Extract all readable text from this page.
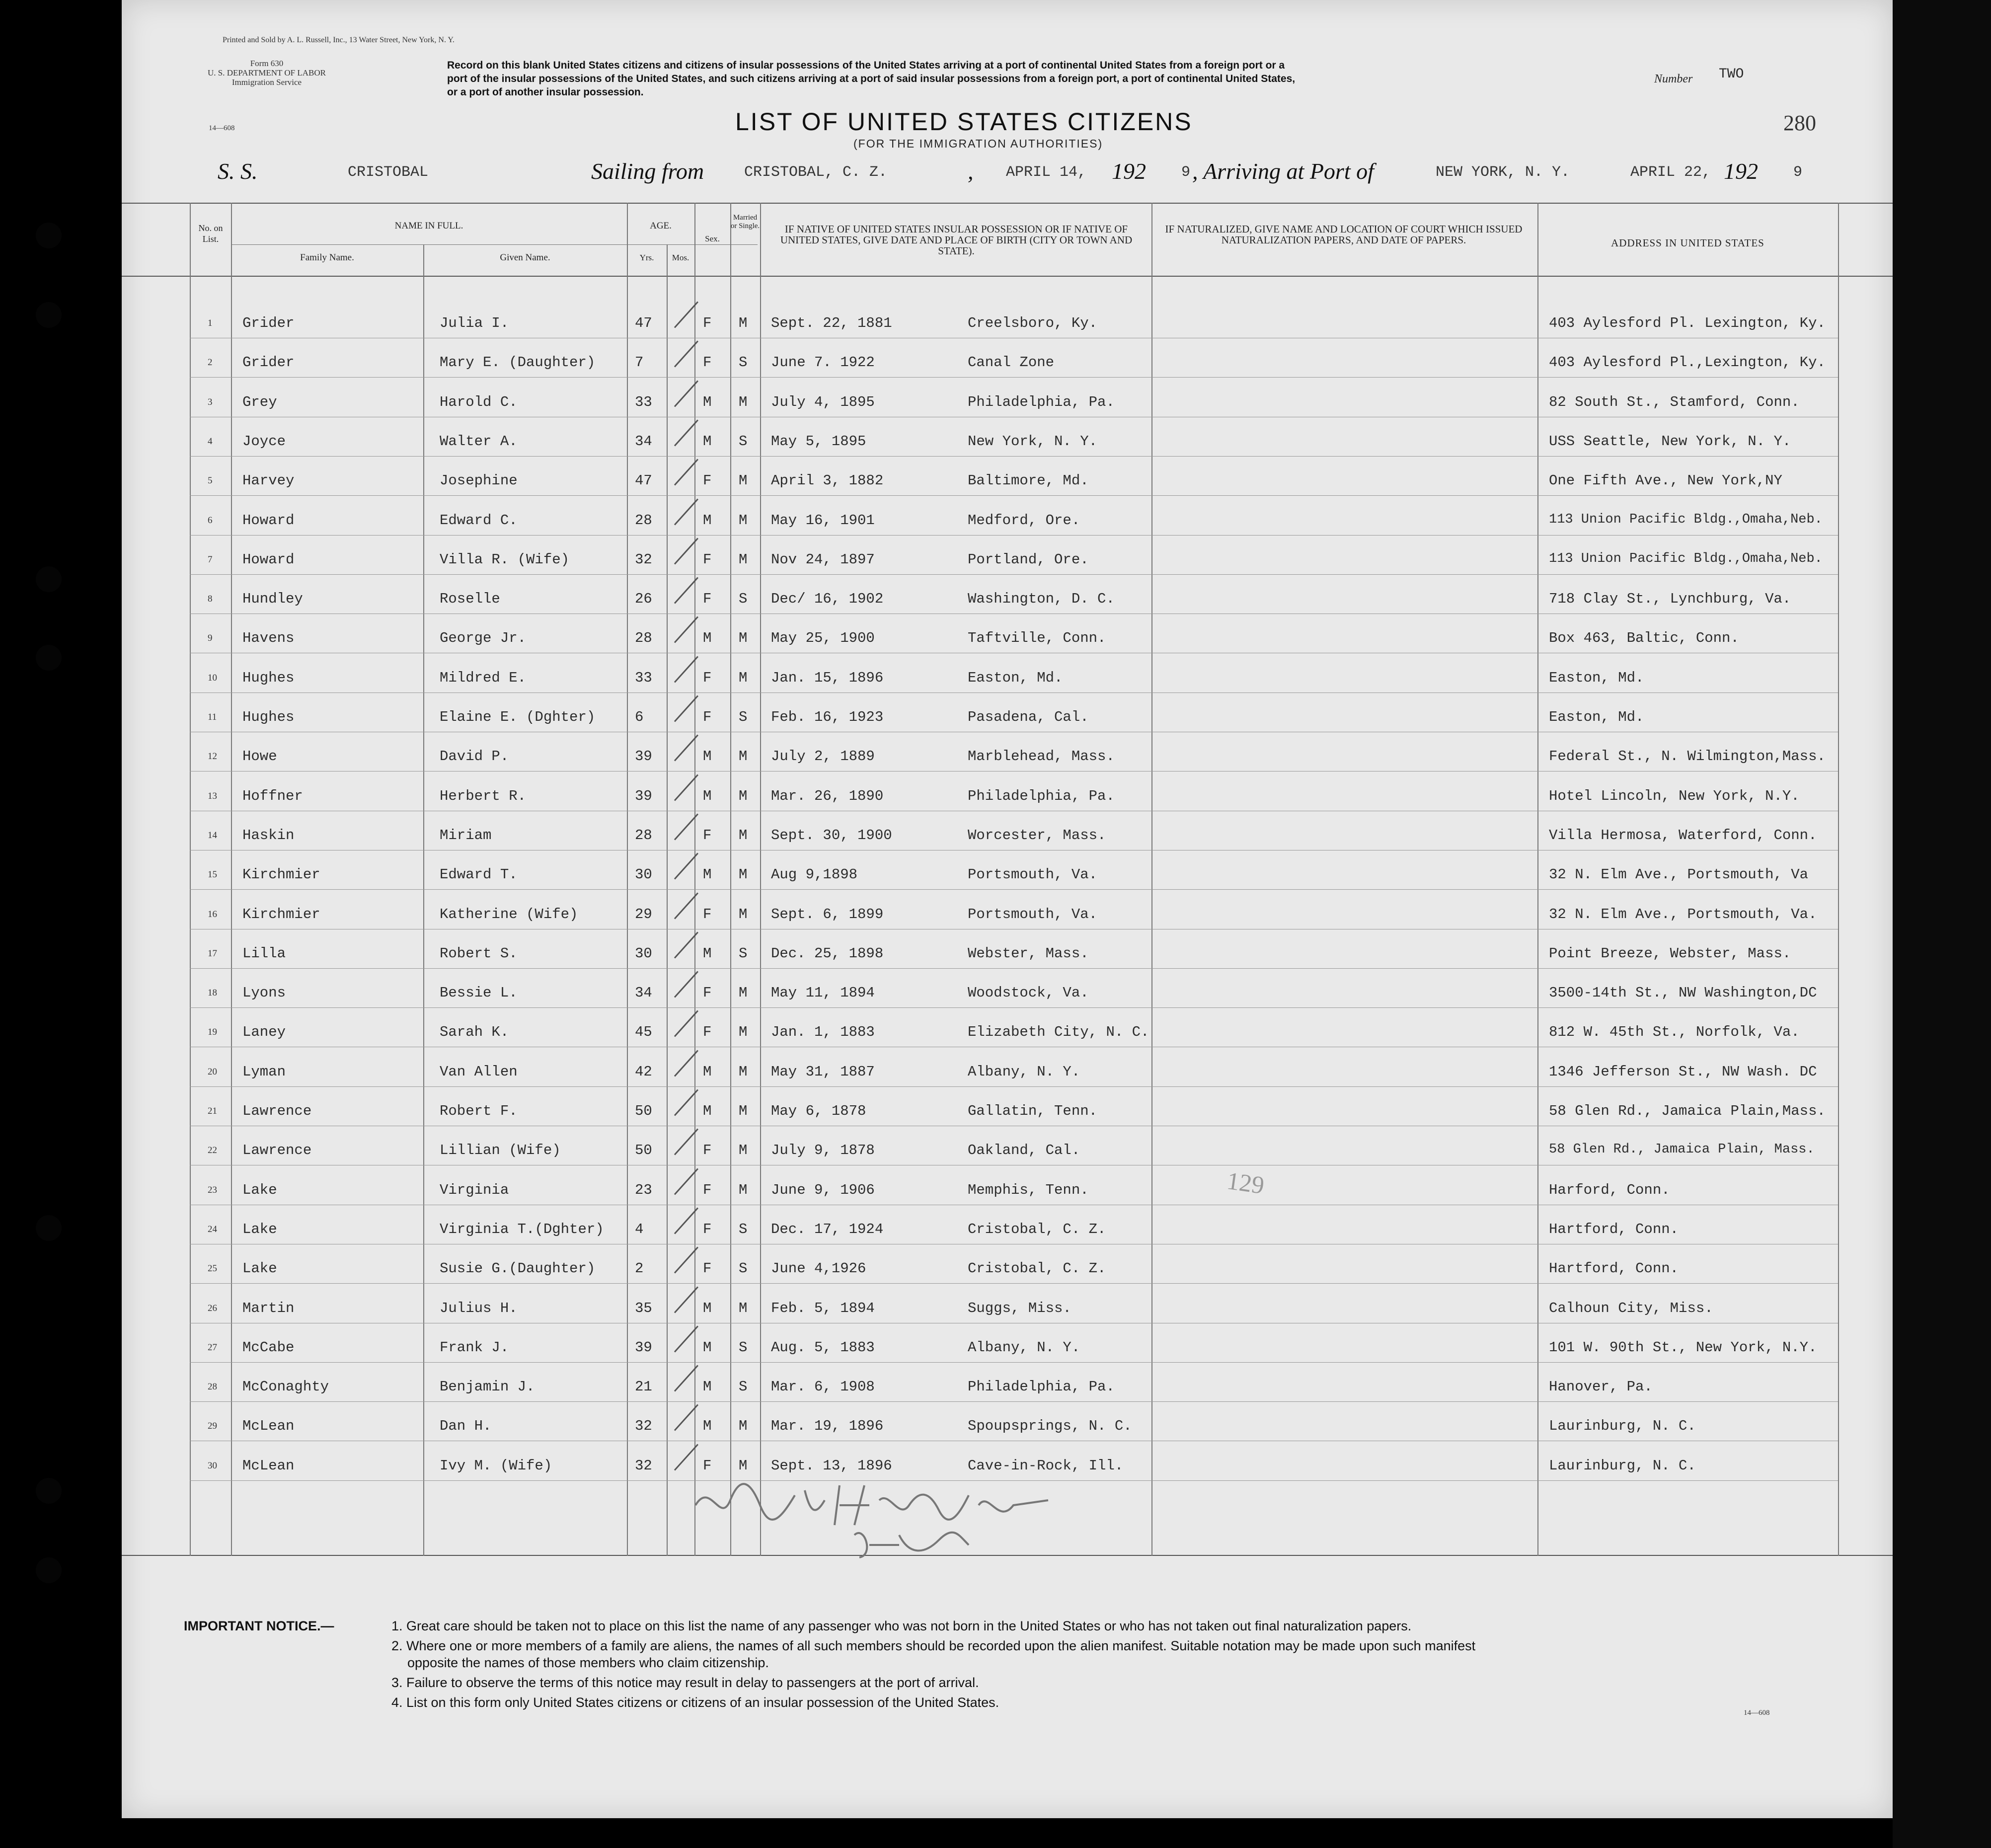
Printed and Sold by A. L. Russell, Inc., 13 Water Street, New York, N. Y.
Form 630
U. S. DEPARTMENT OF LABOR
Immigration Service
14—608
Record on this blank United States citizens and citizens of insular possessions of the United States arriving at a port of continental United States from a foreign port or a
port of the insular possessions of the United States, and such citizens arriving at a port of said insular possessions from a foreign port, a port of continental United States,
or a port of another insular possession.
Number TWO
280
LIST OF UNITED STATES CITIZENS
(FOR THE IMMIGRATION AUTHORITIES)
S. S.	CRISTOBAL	Sailing from	CRISTOBAL, C. Z.	, APRIL 14, 192 9 , Arriving at Port of	NEW YORK, N. Y.	APRIL 22, 192 9
No. on List.
NAME IN FULL.
Family Name.	Given Name.
AGE.
Yrs.	Mos.
Sex.
Married or Single.	IF NATIVE OF UNITED STATES INSULAR POSSESSION OR IF NATIVE OF UNITED STATES, GIVE DATE AND PLACE OF BIRTH (CITY OR TOWN AND STATE).
IF NATURALIZED, GIVE NAME AND LOCATION OF COURT WHICH ISSUED NATURALIZATION PAPERS, AND DATE OF PAPERS.	ADDRESS IN UNITED STATES
1 Grider	Julia I.	47	F M Sept. 22, 1881	Creelsboro, Ky.	403 Aylesford Pl. Lexington, Ky.
2 Grider	Mary E. (Daughter)	7	F S June 7. 1922	Canal Zone	403 Aylesford Pl.,Lexington, Ky.
3 Grey	Harold C.	33	M M July 4, 1895	Philadelphia, Pa.	82 South St., Stamford, Conn.
4 Joyce	Walter A.	34	M S May 5, 1895	New York, N. Y.	USS Seattle, New York, N. Y.
5 Harvey	Josephine	47	F M April 3, 1882	Baltimore, Md.	One Fifth Ave., New York,NY
6 Howard	Edward C.	28	M M May 16, 1901	Medford, Ore.	113 Union Pacific Bldg.,Omaha,Neb.
7 Howard	Villa R. (Wife)	32	F M Nov 24, 1897	Portland, Ore.	113 Union Pacific Bldg.,Omaha,Neb.
8 Hundley	Roselle	26	F S Dec/ 16, 1902	Washington, D. C.	718 Clay St., Lynchburg, Va.
9 Havens	George Jr.	28	M M May 25, 1900	Taftville, Conn.	Box 463, Baltic, Conn.
10 Hughes	Mildred E.	33	F M Jan. 15, 1896	Easton, Md.	Easton, Md.
11 Hughes	Elaine E. (Dghter)	6	F S Feb. 16, 1923	Pasadena, Cal.	Easton, Md.
12 Howe	David P.	39	M M July 2, 1889	Marblehead, Mass.	Federal St., N. Wilmington,Mass.
13 Hoffner	Herbert R.	39	M M Mar. 26, 1890	Philadelphia, Pa.	Hotel Lincoln, New York, N.Y.
14 Haskin	Miriam	28	F M Sept. 30, 1900	Worcester, Mass.	Villa Hermosa, Waterford, Conn.
15 Kirchmier	Edward T.	30	M M Aug 9,1898	Portsmouth, Va.	32 N. Elm Ave., Portsmouth, Va
16 Kirchmier	Katherine (Wife)	29	F M Sept. 6, 1899	Portsmouth, Va.	32 N. Elm Ave., Portsmouth, Va.
17 Lilla	Robert S.	30	M S Dec. 25, 1898	Webster, Mass.	Point Breeze, Webster, Mass.
18 Lyons	Bessie L.	34	F M May 11, 1894	Woodstock, Va.	3500-14th St., NW Washington,DC
19 Laney	Sarah K.	45	F M Jan. 1, 1883	Elizabeth City, N. C.	812 W. 45th St., Norfolk, Va.
20 Lyman	Van Allen	42	M M May 31, 1887	Albany, N. Y.	1346 Jefferson St., NW Wash. DC
21 Lawrence	Robert F.	50	M M May 6, 1878	Gallatin, Tenn.	58 Glen Rd., Jamaica Plain,Mass.
22 Lawrence	Lillian (Wife)	50	F M July 9, 1878	Oakland, Cal.	58 Glen Rd., Jamaica Plain, Mass.
23 Lake	Virginia	23	F M June 9, 1906	Memphis, Tenn.	Harford, Conn.
24 Lake	Virginia T.(Dghter) 4	F S Dec. 17, 1924	Cristobal, C. Z.	Hartford, Conn.
25 Lake	Susie G.(Daughter)	2	F S June 4,1926	Cristobal, C. Z.	Hartford, Conn.
26 Martin	Julius H.	35	M M Feb. 5, 1894	Suggs, Miss.	Calhoun City, Miss.
27 McCabe	Frank J.	39	M S Aug. 5, 1883	Albany, N. Y.	101 W. 90th St., New York, N.Y.
28 McConaghty	Benjamin J.	21	M S Mar. 6, 1908	Philadelphia, Pa.	Hanover, Pa.
29 McLean	Dan H.	32	M M Mar. 19, 1896	Spoupsprings, N. C.	Laurinburg, N. C.
30 McLean	Ivy M. (Wife)	32	F M Sept. 13, 1896	Cave-in-Rock, Ill.	Laurinburg, N. C.
129
IMPORTANT NOTICE.—	1. Great care should be taken not to place on this list the name of any passenger who was not born in the United States or who has not taken out final naturalization papers.
2. Where one or more members of a family are aliens, the names of all such members should be recorded upon the alien manifest. Suitable notation may be made upon such manifest
opposite the names of those members who claim citizenship.
3. Failure to observe the terms of this notice may result in delay to passengers at the port of arrival.
4. List on this form only United States citizens or citizens of an insular possession of the United States.
14—608
